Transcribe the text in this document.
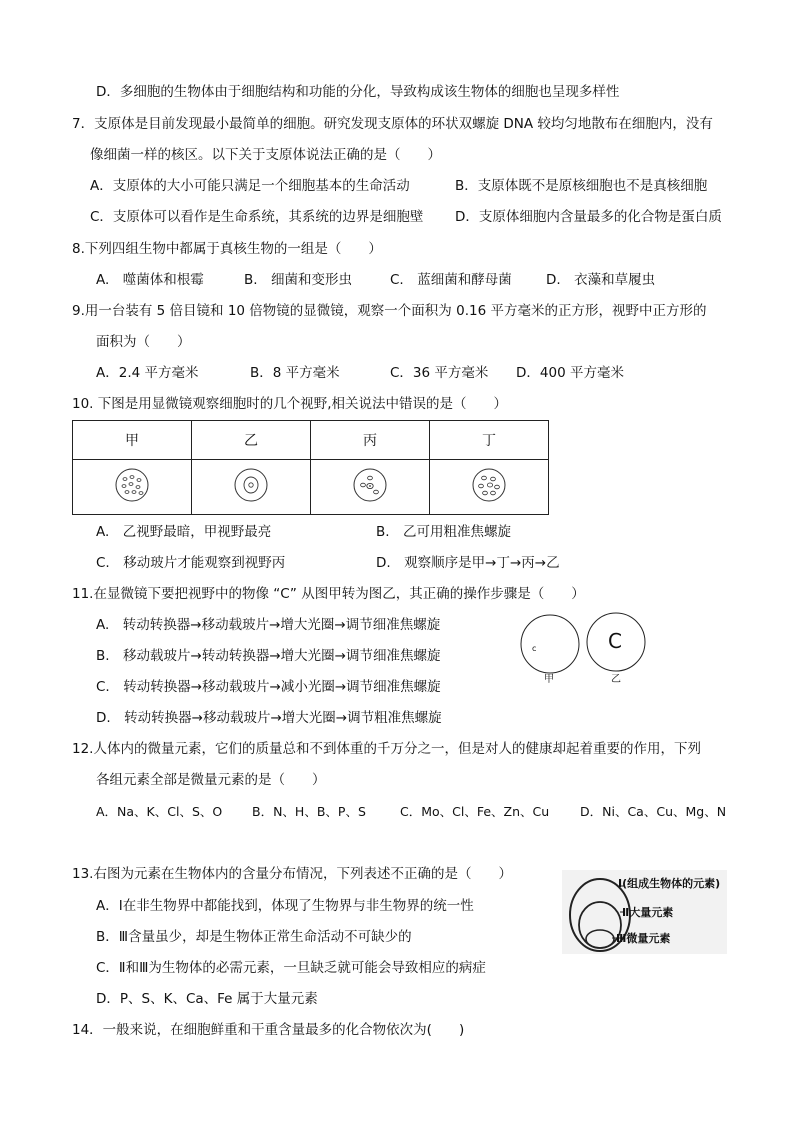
D．多细胞的生物体由于细胞结构和功能的分化，导致构成该生物体的细胞也呈现多样性
7．支原体是目前发现最小最简单的细胞。研究发现支原体的环状双螺旋 DNA 较均匀地散布在细胞内，没有
像细菌一样的核区。以下关于支原体说法正确的是（　　）
A．支原体的大小可能只满足一个细胞基本的生命活动	B．支原体既不是原核细胞也不是真核细胞
C．支原体可以看作是生命系统，其系统的边界是细胞壁 D．支原体细胞内含量最多的化合物是蛋白质
8.下列四组生物中都属于真核生物的一组是（　　）
A.　噬菌体和根霉	B.　细菌和变形虫	C.　蓝细菌和酵母菌	D.　衣藻和草履虫
9.用一台装有 5 倍目镜和 10 倍物镜的显微镜，观察一个面积为 0.16 平方毫米的正方形，视野中正方形的
面积为（　　）
A．2.4 平方毫米	B．8 平方毫米	C．36 平方毫米 D．400 平方毫米
10. 下图是用显微镜观察细胞时的几个视野,相关说法中错误的是（　　）
甲	乙	丙	丁

A.　乙视野最暗，甲视野最亮	B.　乙可用粗准焦螺旋
C.　移动玻片才能观察到视野丙	D.　观察顺序是甲→丁→丙→乙
11.在显微镜下要把视野中的物像 “C” 从图甲转为图乙，其正确的操作步骤是（　　）
A.　转动转换器→移动载玻片→增大光圈→调节细准焦螺旋
B.　移动载玻片→转动转换器→增大光圈→调节细准焦螺旋
C.　转动转换器→移动载玻片→减小光圈→调节细准焦螺旋
D.　转动转换器→移动载玻片→增大光圈→调节粗准焦螺旋
c	C
甲	乙
12.人体内的微量元素，它们的质量总和不到体重的千万分之一，但是对人的健康却起着重要的作用，下列
各组元素全部是微量元素的是（　　）
A．Na、K、Cl、S、O B．N、H、B、P、S	C．Mo、Cl、Fe、Zn、Cu D．Ni、Ca、Cu、Mg、N
13.右图为元素在生物体内的含量分布情况，下列表述不正确的是（　　）
A．Ⅰ在非生物界中都能找到，体现了生物界与非生物界的统一性
B．Ⅲ含量虽少，却是生物体正常生命活动不可缺少的
C．Ⅱ和Ⅲ为生物体的必需元素，一旦缺乏就可能会导致相应的病症
D．P、S、K、Ca、Fe 属于大量元素
Ⅰ(组成生物体的元素)
Ⅱ大量元素
Ⅲ微量元素
14．一般来说，在细胞鲜重和干重含量最多的化合物依次为(　　)
